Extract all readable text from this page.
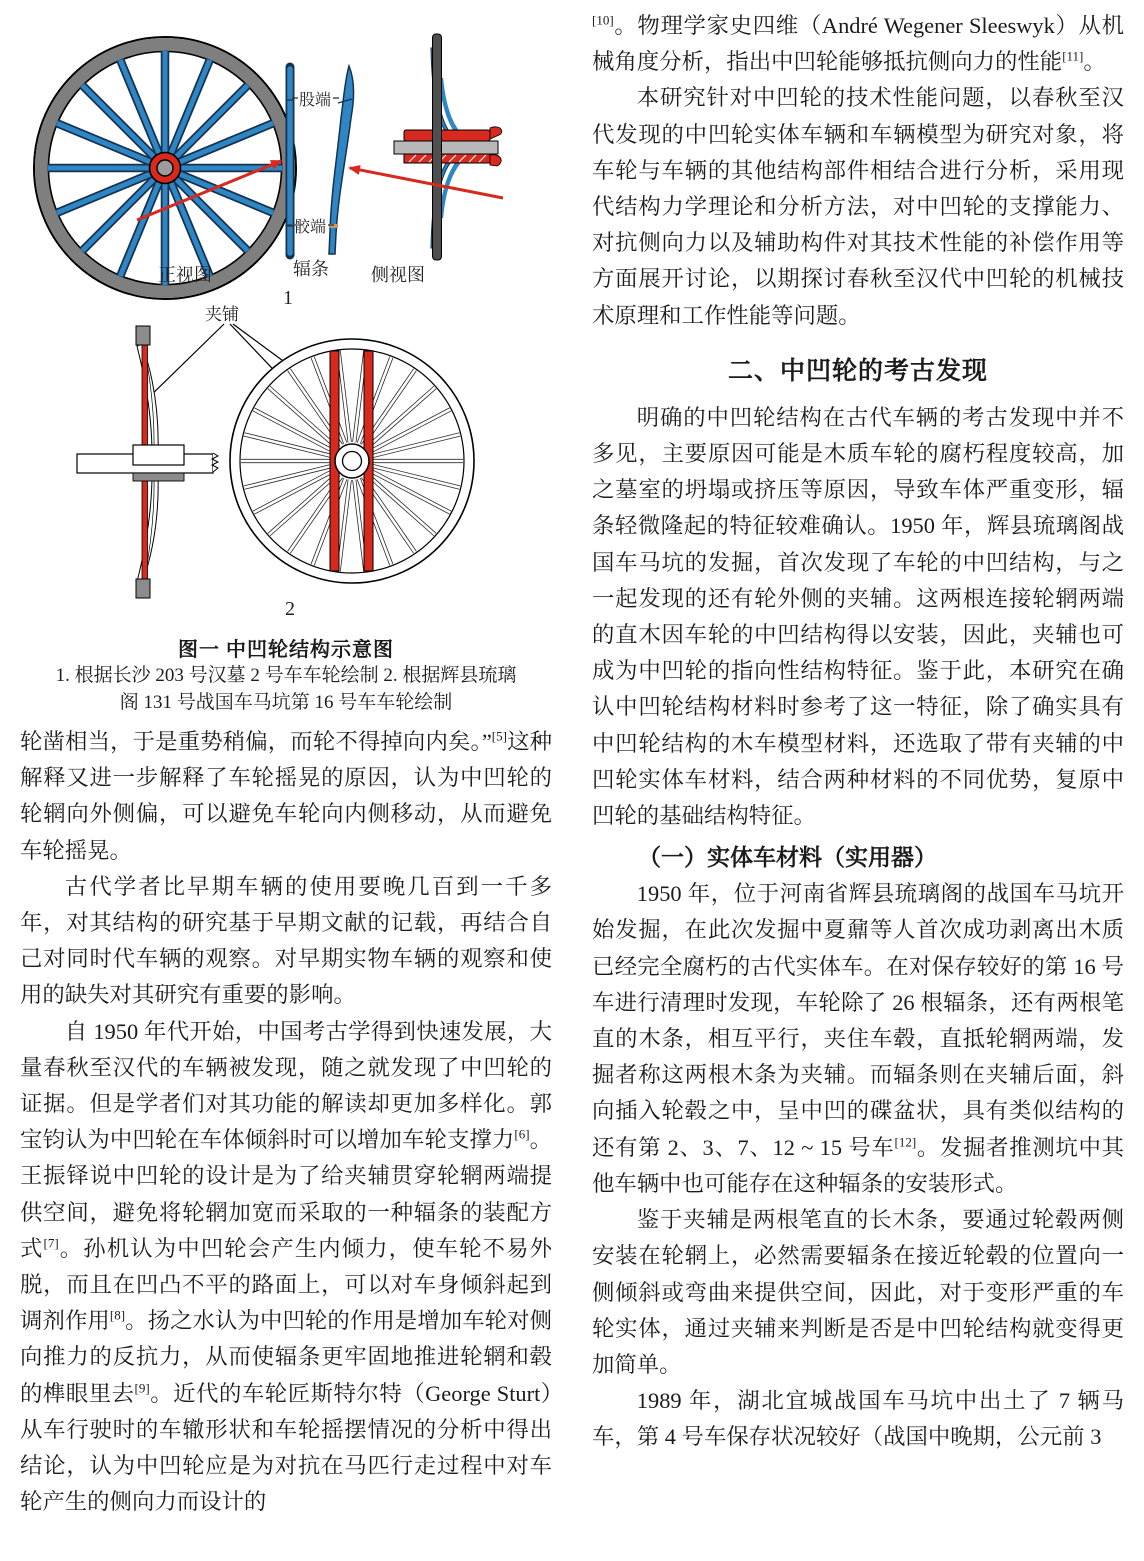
股端
骹端
正视图	辐条 侧视图
1
夹铺
2
图一 中凹轮结构示意图
1. 根据长沙 203 号汉墓 2 号车车轮绘制 2. 根据辉县琉璃
阁 131 号战国车马坑第 16 号车车轮绘制

轮凿相当，于是重势稍偏，而轮不得掉向内矣。”[5]这种解释又进一步解释了车轮摇晃的原因，认为中凹轮的轮辋向外侧偏，可以避免车轮向内侧移动，从而避免车轮摇晃。

古代学者比早期车辆的使用要晚几百到一千多年，对其结构的研究基于早期文献的记载，再结合自己对同时代车辆的观察。对早期实物车辆的观察和使用的缺失对其研究有重要的影响。

自 1950 年代开始，中国考古学得到快速发展，大量春秋至汉代的车辆被发现，随之就发现了中凹轮的证据。但是学者们对其功能的解读却更加多样化。郭宝钧认为中凹轮在车体倾斜时可以增加车轮支撑力[6]。王振铎说中凹轮的设计是为了给夹辅贯穿轮辋两端提供空间，避免将轮辋加宽而采取的一种辐条的装配方式[7]。孙机认为中凹轮会产生内倾力，使车轮不易外脱，而且在凹凸不平的路面上，可以对车身倾斜起到调剂作用[8]。扬之水认为中凹轮的作用是增加车轮对侧向推力的反抗力，从而使辐条更牢固地推进轮辋和毂的榫眼里去[9]。近代的车轮匠斯特尔特（George Sturt）从车行驶时的车辙形状和车轮摇摆情况的分析中得出结论，认为中凹轮应是为对抗在马匹行走过程中对车轮产生的侧向力而设计的

[10]。物理学家史四维（André Wegener Sleeswyk）从机械角度分析，指出中凹轮能够抵抗侧向力的性能[11]。

本研究针对中凹轮的技术性能问题，以春秋至汉代发现的中凹轮实体车辆和车辆模型为研究对象，将车轮与车辆的其他结构部件相结合进行分析，采用现代结构力学理论和分析方法，对中凹轮的支撑能力、对抗侧向力以及辅助构件对其技术性能的补偿作用等方面展开讨论，以期探讨春秋至汉代中凹轮的机械技术原理和工作性能等问题。

二、中凹轮的考古发现

明确的中凹轮结构在古代车辆的考古发现中并不多见，主要原因可能是木质车轮的腐朽程度较高，加之墓室的坍塌或挤压等原因，导致车体严重变形，辐条轻微隆起的特征较难确认。1950 年，辉县琉璃阁战国车马坑的发掘，首次发现了车轮的中凹结构，与之一起发现的还有轮外侧的夹辅。这两根连接轮辋两端的直木因车轮的中凹结构得以安装，因此，夹辅也可成为中凹轮的指向性结构特征。鉴于此，本研究在确认中凹轮结构材料时参考了这一特征，除了确实具有中凹轮结构的木车模型材料，还选取了带有夹辅的中凹轮实体车材料，结合两种材料的不同优势，复原中凹轮的基础结构特征。

（一）实体车材料（实用器）

1950 年，位于河南省辉县琉璃阁的战国车马坑开始发掘，在此次发掘中夏鼐等人首次成功剥离出木质已经完全腐朽的古代实体车。在对保存较好的第 16 号车进行清理时发现，车轮除了 26 根辐条，还有两根笔直的木条，相互平行，夹住车毂，直抵轮辋两端，发掘者称这两根木条为夹辅。而辐条则在夹辅后面，斜向插入轮毂之中，呈中凹的碟盆状，具有类似结构的还有第 2、3、7、12 ~ 15 号车[12]。发掘者推测坑中其他车辆中也可能存在这种辐条的安装形式。

鉴于夹辅是两根笔直的长木条，要通过轮毂两侧安装在轮辋上，必然需要辐条在接近轮毂的位置向一侧倾斜或弯曲来提供空间，因此，对于变形严重的车轮实体，通过夹辅来判断是否是中凹轮结构就变得更加简单。

1989 年，湖北宜城战国车马坑中出土了 7 辆马车，第 4 号车保存状况较好（战国中晚期，公元前 3
